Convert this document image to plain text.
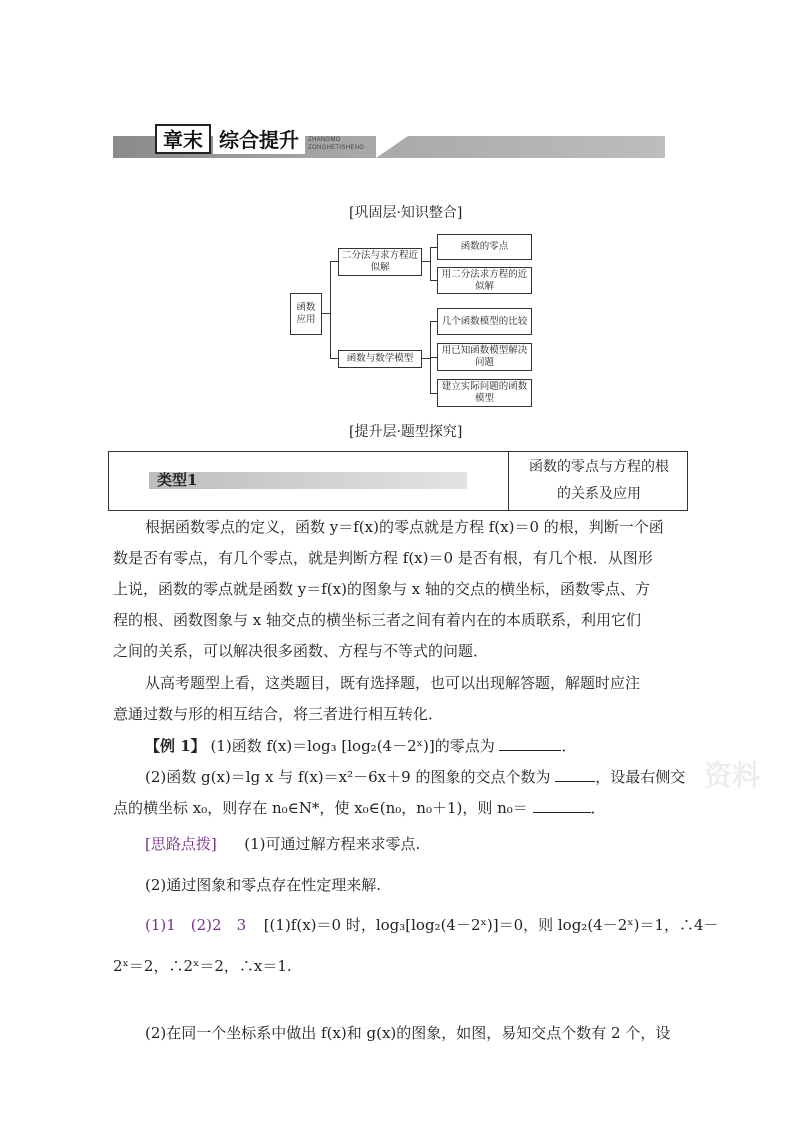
章末 综合提升	ZHANGMO
ZONGHETISHENG
[巩固层·知识整合]
函数应用
二分法与求方程近似解
函数的零点
用二分法求方程的近似解
函数与数学模型
几个函数模型的比较
用已知函数模型解决问题
建立实际问题的函数模型
[提升层·题型探究]
类型1
函数的零点与方程的根
的关系及应用
根据函数零点的定义，函数 y＝f(x)的零点就是方程 f(x)＝0 的根，判断一个函
数是否有零点，有几个零点，就是判断方程 f(x)＝0 是否有根，有几个根．从图形
上说，函数的零点就是函数 y＝f(x)的图象与 x 轴的交点的横坐标，函数零点、方
程的根、函数图象与 x 轴交点的横坐标三者之间有着内在的本质联系，利用它们
之间的关系，可以解决很多函数、方程与不等式的问题．
从高考题型上看，这类题目，既有选择题，也可以出现解答题，解题时应注
意通过数与形的相互结合，将三者进行相互转化．
【例 1】 (1)函数 f(x)＝log₃ [log₂(4－2ˣ)]的零点为	．
(2)函数 g(x)＝lg x 与 f(x)＝x²－6x＋9 的图象的交点个数为	，设最右侧交
点的横坐标 x₀，则存在 n₀∈N*，使 x₀∈(n₀，n₀＋1)，则 n₀＝	．
资料
[思路点拨] (1)可通过解方程来求零点.
(2)通过图象和零点存在性定理来解.
(1)1　(2)2　3 [(1)f(x)＝0 时，log₃[log₂(4－2ˣ)]＝0，则 log₂(4－2ˣ)＝1，∴4－
2ˣ＝2，∴2ˣ＝2，∴x＝1.
(2)在同一个坐标系中做出 f(x)和 g(x)的图象，如图，易知交点个数有 2 个，设
